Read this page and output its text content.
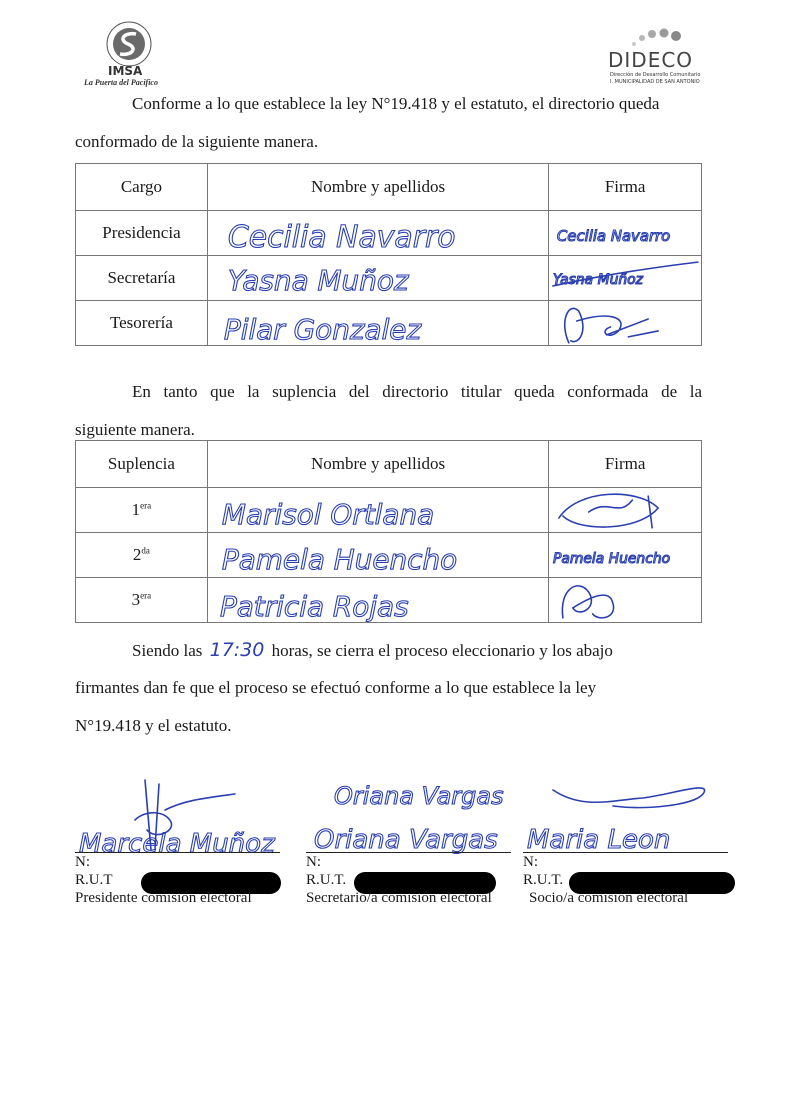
IMSA
La Puerta del Pacifico
DIDECO
Dirección de Desarrollo Comunitario
I. MUNICIPALIDAD DE SAN ANTONIO
Conforme a lo que establece la ley N°19.418 y el estatuto, el directorio queda
conformado de la siguiente manera.
Cargo	Nombre y apellidos	Firma
Presidencia	Cecilia Navarro	Cecilia Navarro

Secretaría	Yasna Muñoz	Yasna Muñoz

Tesorería	Pilar Gonzalez

En tanto que la suplencia del directorio titular queda conformada de la
siguiente manera.
Suplencia	Nombre y apellidos	Firma
$1^{era}$	Marisol Ortlana

$2^{da}$	Pamela Huencho	Pamela Huencho

$3^{era}$	Patricia Rojas

Siendo las 17:30 horas, se cierra el proceso eleccionario y los abajo
firmantes dan fe que el proceso se efectuó conforme a lo que establece la ley
N°19.418 y el estatuto.
Marcela Muñoz
N:
R.U.T
Presidente comisión electoral
Oriana Vargas
Oriana Vargas
N:
R.U.T.
Secretario/a comisión electoral
Maria Leon
N:
R.U.T.
Socio/a comisión electoral
